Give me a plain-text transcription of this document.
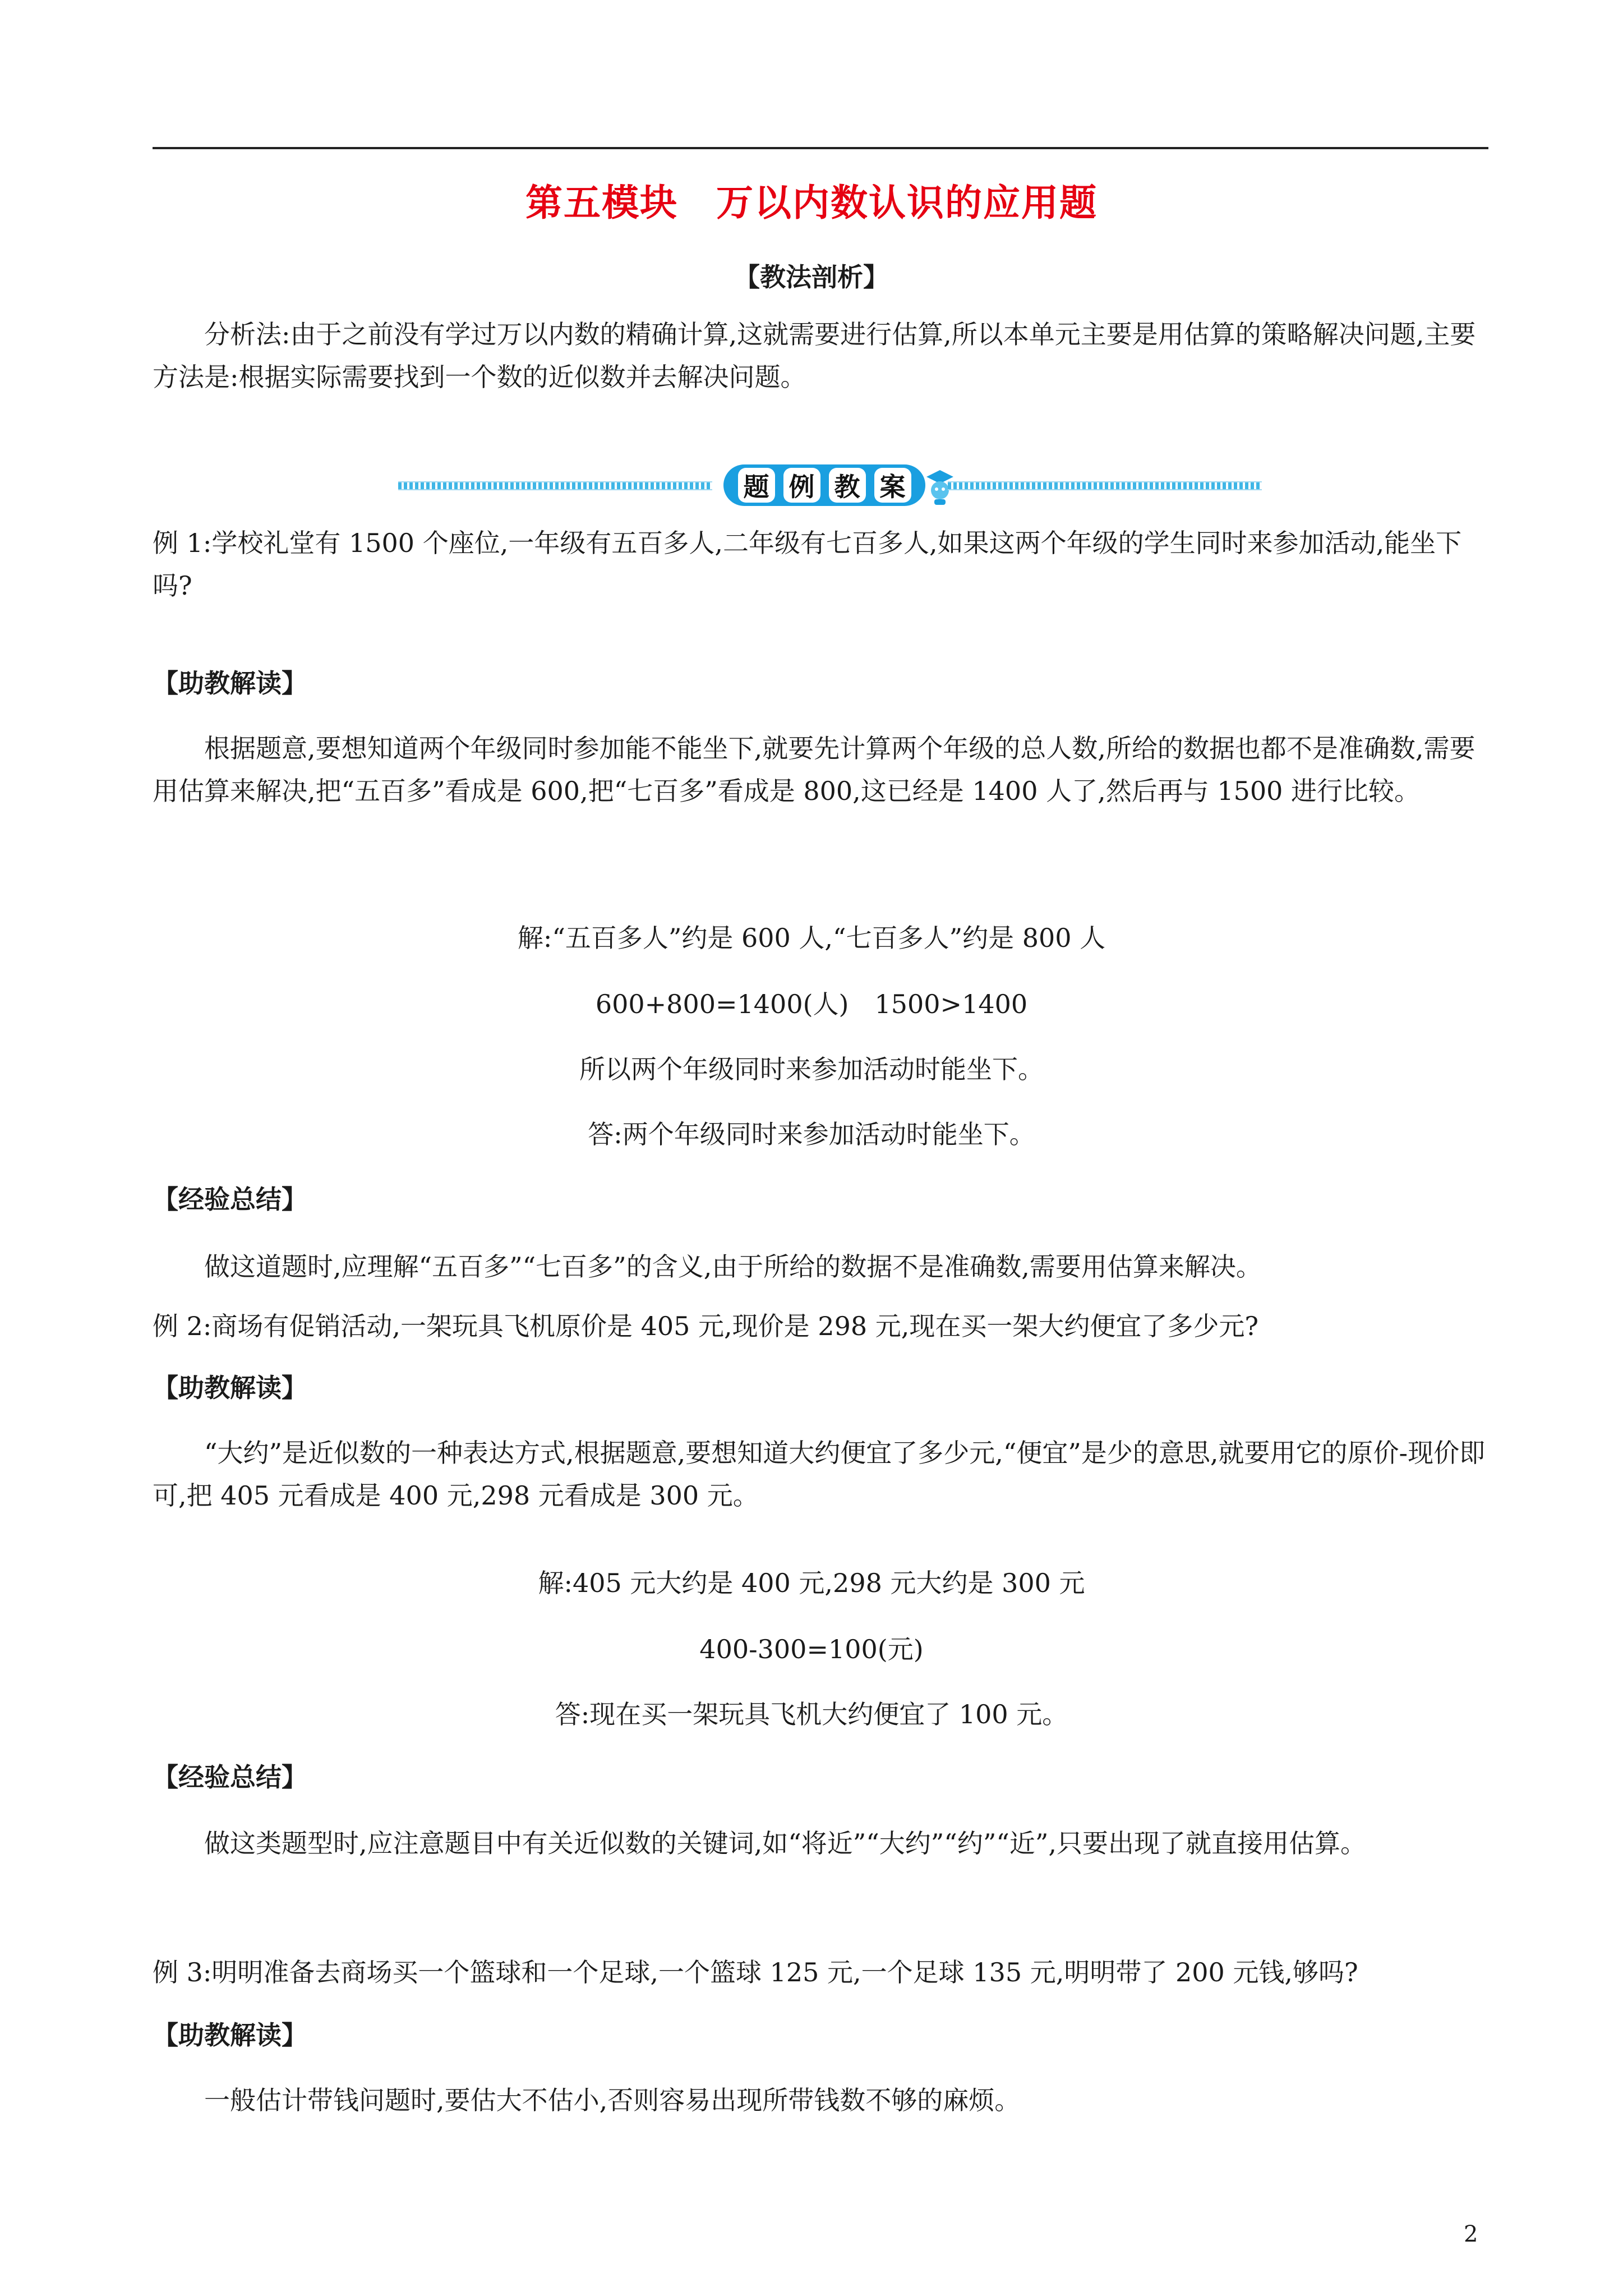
第五模块　万以内数认识的应用题
【教法剖析】

分析法:由于之前没有学过万以内数的精确计算,这就需要进行估算,所以本单元主要是用估算的策略解决问题,主要方法是:根据实际需要找到一个数的近似数并去解决问题。

题 例 教 案

例 1:学校礼堂有 1500 个座位,一年级有五百多人,二年级有七百多人,如果这两个年级的学生同时来参加活动,能坐下吗?

【助教解读】

根据题意,要想知道两个年级同时参加能不能坐下,就要先计算两个年级的总人数,所给的数据也都不是准确数,需要用估算来解决,把“五百多”看成是 600,把“七百多”看成是 800,这已经是 1400 人了,然后再与 1500 进行比较。

解:“五百多人”约是 600 人,“七百多人”约是 800 人
600+800=1400(人)　1500>1400
所以两个年级同时来参加活动时能坐下。
答:两个年级同时来参加活动时能坐下。

【经验总结】

做这道题时,应理解“五百多”“七百多”的含义,由于所给的数据不是准确数,需要用估算来解决。

例 2:商场有促销活动,一架玩具飞机原价是 405 元,现价是 298 元,现在买一架大约便宜了多少元?

【助教解读】

“大约”是近似数的一种表达方式,根据题意,要想知道大约便宜了多少元,“便宜”是少的意思,就要用它的原价-现价即可,把 405 元看成是 400 元,298 元看成是 300 元。

解:405 元大约是 400 元,298 元大约是 300 元
400-300=100(元)
答:现在买一架玩具飞机大约便宜了 100 元。

【经验总结】

做这类题型时,应注意题目中有关近似数的关键词,如“将近”“大约”“约”“近”,只要出现了就直接用估算。

例 3:明明准备去商场买一个篮球和一个足球,一个篮球 125 元,一个足球 135 元,明明带了 200 元钱,够吗?

【助教解读】

一般估计带钱问题时,要估大不估小,否则容易出现所带钱数不够的麻烦。

2
